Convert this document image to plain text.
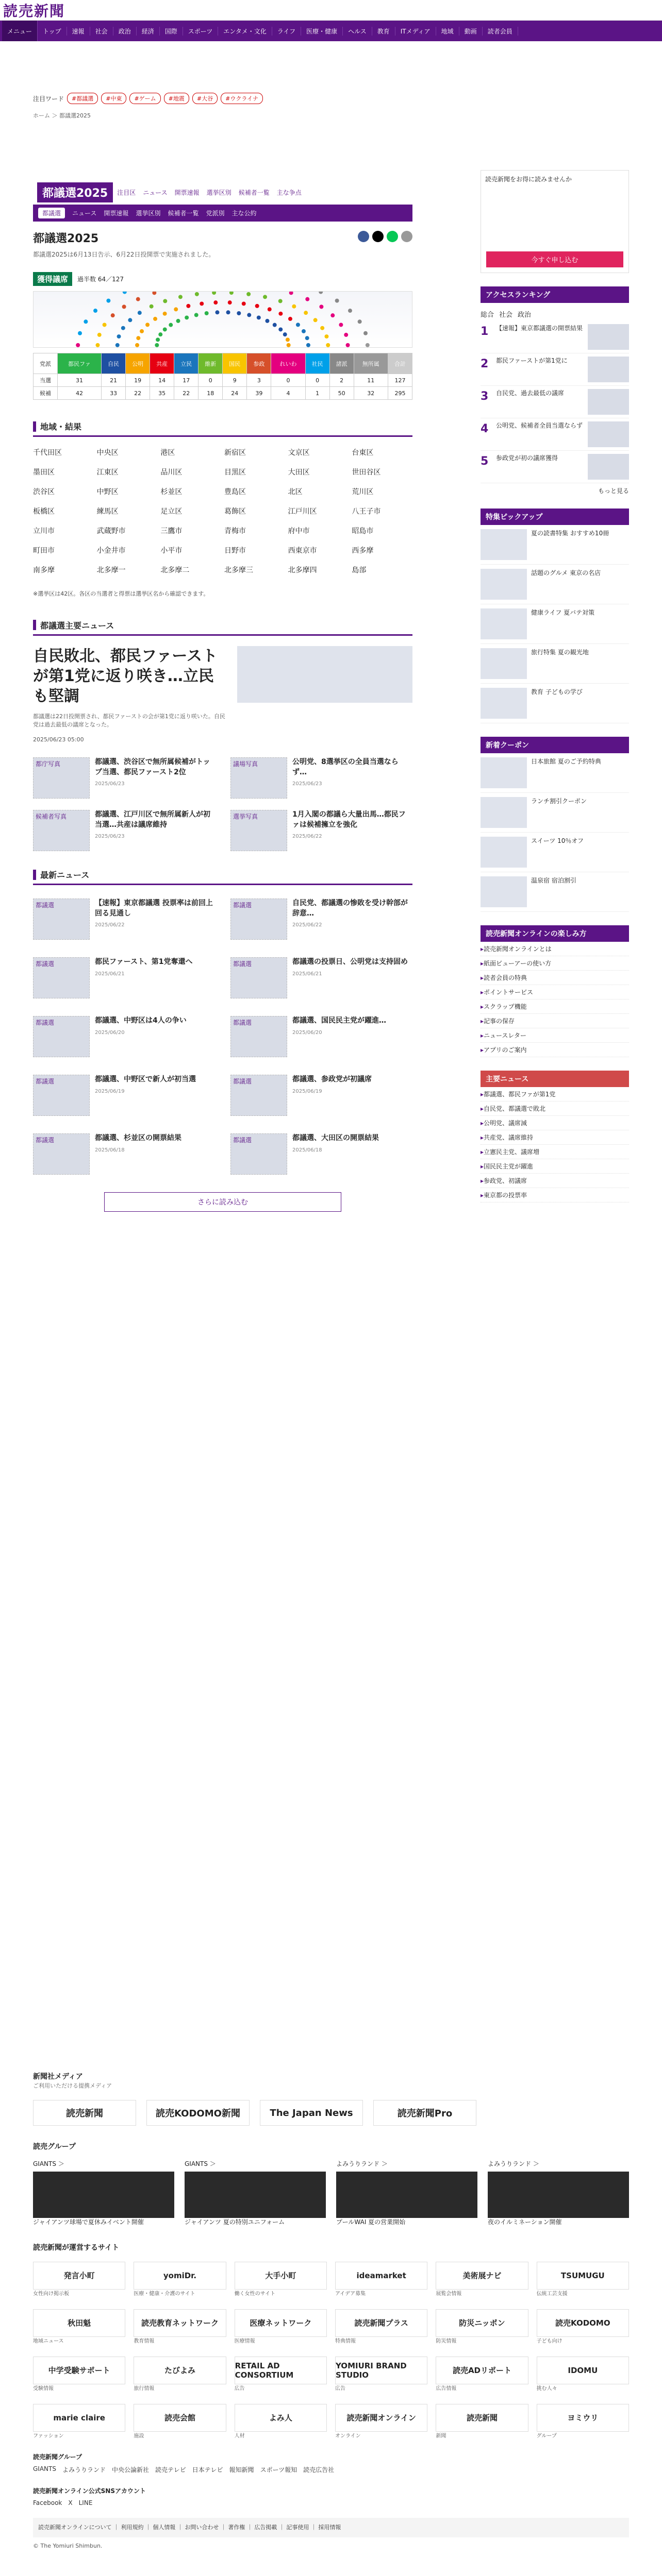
読売新聞
メニュー	トップ	速報	社会	政治	経済	国際	スポーツ	エンタメ・文化	ライフ	医療・健康	ヘルス	教育	ITメディア	地域	動画	読者会員
注目ワード	#都議選	#中東	#ゲーム	#地震	#大谷	#ウクライナ
ホーム ＞ 都議選2025
都議選2025	注目区 ニュース 開票速報 選挙区別 候補者一覧 主な争点
都議選	ニュース 開票速報 選挙区別 候補者一覧 党派別 主な公約
都議選2025
都議選2025は6月13日告示、6月22日投開票で実施されました。
獲得議席	過半数 64／127
党派	都民ファ	自民	公明	共産	立民	維新	国民	参政	れいわ	社民	諸派	無所属	合計
当選	31	21	19	14	17	0	9	3	0	0	2	11	127
候補	42	33	22	35	22	18	24	39	4	1	50	32	295
地域・結果
千代田区	中央区	港区	新宿区	文京区	台東区
墨田区	江東区	品川区	目黒区	大田区	世田谷区
渋谷区	中野区	杉並区	豊島区	北区	荒川区
板橋区	練馬区	足立区	葛飾区	江戸川区	八王子市
立川市	武蔵野市	三鷹市	青梅市	府中市	昭島市
町田市	小金井市	小平市	日野市	西東京市	西多摩
南多摩	北多摩一	北多摩二	北多摩三	北多摩四	島部
※選挙区は42区。各区の当選者と得票は選挙区名から確認できます。
都議選主要ニュース
自民敗北、都民ファーストが第1党に返り咲き…立民も堅調
都議選は22日投開票され、都民ファーストの会が第1党に返り咲いた。自民党は過去最低の議席となった。
2025/06/23 05:00
都庁写真	都議選、渋谷区で無所属候補がトップ当選、都民ファースト2位
2025/06/23
議場写真	公明党、8選挙区の全員当選ならず…
2025/06/23
候補者写真	都議選、江戸川区で無所属新人が初当選…共産は議席維持
2025/06/23
選挙写真	1月入閣の都議ら大量出馬…都民ファは候補擁立を強化
2025/06/22
最新ニュース
都議選	【速報】東京都議選 投票率は前回上回る見通し
2025/06/22
都議選	自民党、都議選の惨敗を受け幹部が辞意…
2025/06/22
都議選	都民ファースト、第1党奪還へ
2025/06/21
都議選	都議選の投票日、公明党は支持固め
2025/06/21
都議選	都議選、中野区は4人の争い
2025/06/20
都議選	都議選、国民民主党が躍進…
2025/06/20
都議選	都議選、中野区で新人が初当選
2025/06/19
都議選	都議選、参政党が初議席
2025/06/19
都議選	都議選、杉並区の開票結果
2025/06/18
都議選	都議選、大田区の開票結果
2025/06/18
さらに読み込む
読売新聞をお得に読みませんか
今すぐ申し込む
アクセスランキング
総合 社会 政治
1	【速報】東京都議選の開票結果
2	都民ファーストが第1党に
3	自民党、過去最低の議席
4	公明党、候補者全員当選ならず
5	参政党が初の議席獲得
もっと見る
特集ピックアップ
夏の読書特集 おすすめ10冊
話題のグルメ 東京の名店
健康ライフ 夏バテ対策
旅行特集 夏の観光地
教育 子どもの学び
新着クーポン
日本旅館 夏のご予約特典
ランチ割引クーポン
スイーツ 10％オフ
温泉宿 宿泊割引
読売新聞オンラインの楽しみ方
▸ 読売新聞オンラインとは
▸ 紙面ビューアーの使い方
▸ 読者会員の特典
▸ ポイントサービス
▸ スクラップ機能
▸ 記事の保存
▸ ニュースレター
▸ アプリのご案内
主要ニュース
▸ 都議選、都民ファが第1党
▸ 自民党、都議選で敗北
▸ 公明党、議席減
▸ 共産党、議席維持
▸ 立憲民主党、議席増
▸ 国民民主党が躍進
▸ 参政党、初議席
▸ 東京都の投票率
新聞社メディア
ご利用いただける提携メディア
読売新聞	読売KODOMO新聞	The Japan News	読売新聞Pro
読売グループ
GIANTS ＞
ジャイアンツ球場で夏休みイベント開催
GIANTS ＞
ジャイアンツ 夏の特別ユニフォーム
よみうりランド ＞
プールWAI 夏の営業開始
よみうりランド ＞
夜のイルミネーション開催
読売新聞が運営するサイト
発言小町
女性向け掲示板
yomiDr.
医療・健康・介護のサイト
大手小町
働く女性のサイト
ideamarket
アイデア募集
美術展ナビ
展覧会情報
TSUMUGU
伝統工芸支援
秋田魁
地域ニュース
読売教育ネットワーク
教育情報
医療ネットワーク
医療情報
読売新聞プラス
特典情報
防災ニッポン
防災情報
読売KODOMO
子ども向け
中学受験サポート
受験情報
たびよみ
旅行情報
RETAIL AD CONSORTIUM
広告
YOMIURI BRAND STUDIO
広告
読売ADリポート
広告情報
IDOMU
挑む人々
marie claire
ファッション
読売会館
施設
よみ人
人材
読売新聞オンライン
オンライン
読売新聞
新聞
ヨミウリ
グループ
読売新聞グループ
GIANTS よみうりランド 中央公論新社 読売テレビ 日本テレビ 報知新聞 スポーツ報知 読売広告社
読売新聞オンライン公式SNSアカウント
Facebook X LINE
読売新聞オンラインについて ｜ 利用規約 ｜ 個人情報 ｜ お問い合わせ ｜ 著作権 ｜ 広告掲載 ｜ 記事使用 ｜ 採用情報
© The Yomiuri Shimbun.
